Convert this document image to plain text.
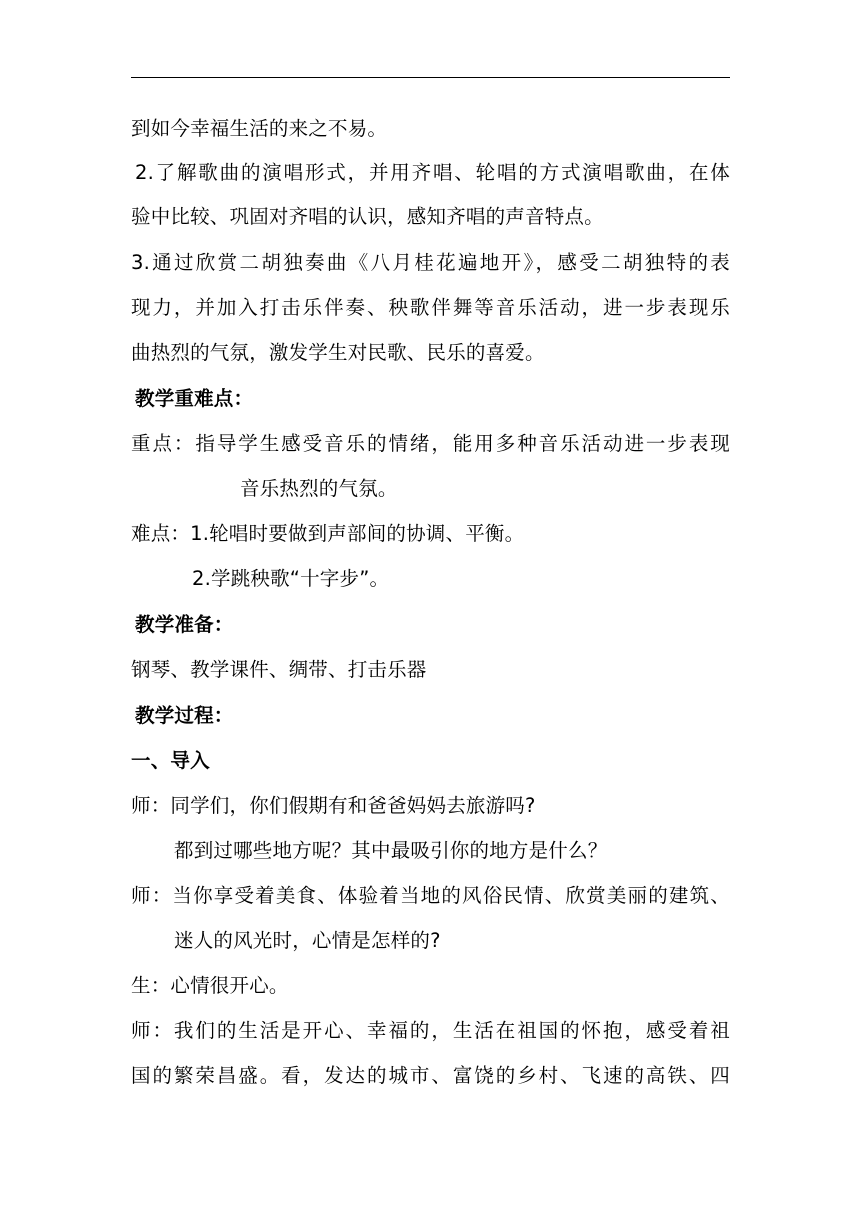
到如今幸福生活的来之不易。
2.了解歌曲的演唱形式，并用齐唱、轮唱的方式演唱歌曲，在体
验中比较、巩固对齐唱的认识，感知齐唱的声音特点。
3.通过欣赏二胡独奏曲《八月桂花遍地开》，感受二胡独特的表
现力，并加入打击乐伴奏、秧歌伴舞等音乐活动，进一步表现乐
曲热烈的气氛，激发学生对民歌、民乐的喜爱。
教学重难点：
重点：指导学生感受音乐的情绪，能用多种音乐活动进一步表现
音乐热烈的气氛。
难点：1.轮唱时要做到声部间的协调、平衡。
2.学跳秧歌“十字步”。
教学准备：
钢琴、教学课件、绸带、打击乐器
教学过程：
一、导入
师：同学们，你们假期有和爸爸妈妈去旅游吗?
都到过哪些地方呢？其中最吸引你的地方是什么？
师：当你享受着美食、体验着当地的风俗民情、欣赏美丽的建筑、
迷人的风光时，心情是怎样的?
生：心情很开心。
师：我们的生活是开心、幸福的，生活在祖国的怀抱，感受着祖
国的繁荣昌盛。看，发达的城市、富饶的乡村、飞速的高铁、四
